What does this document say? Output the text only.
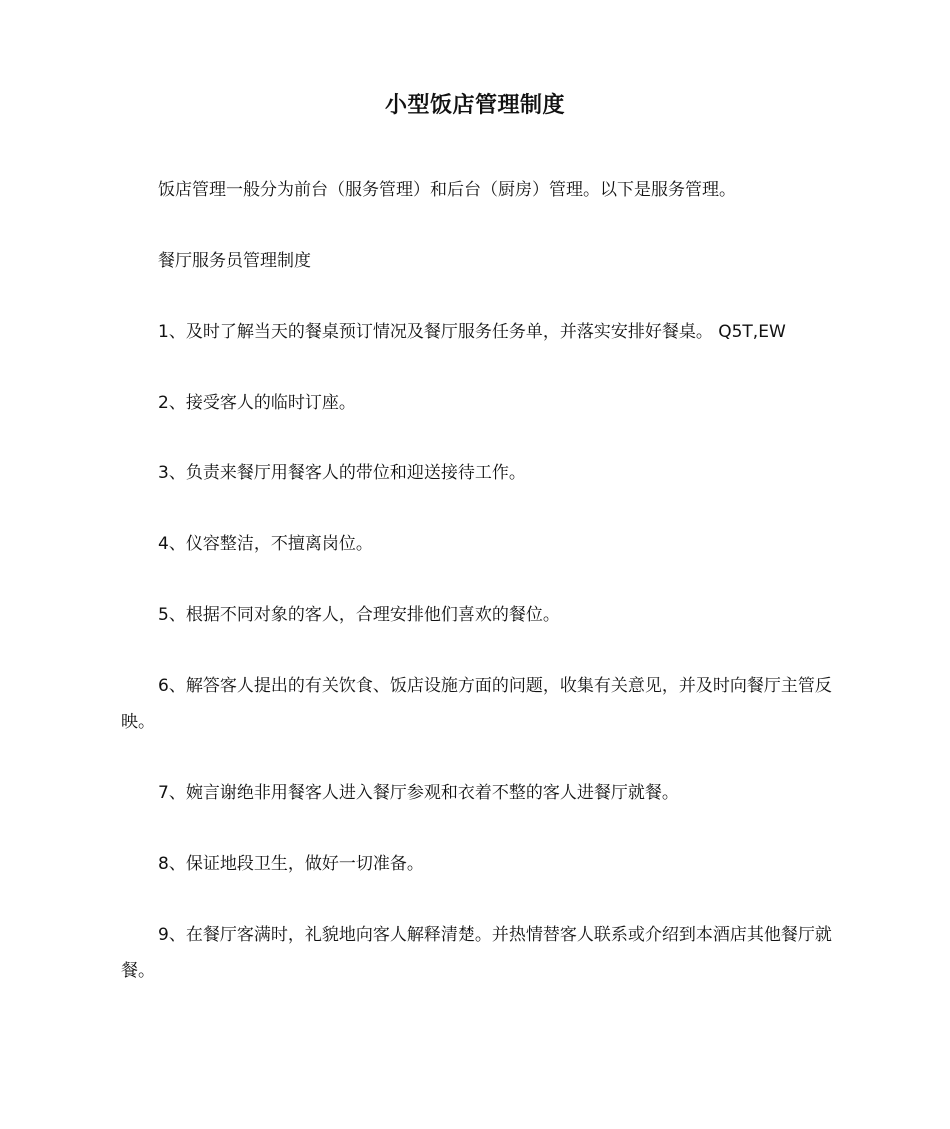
小型饭店管理制度

饭店管理一般分为前台（服务管理）和后台（厨房）管理。以下是服务管理。

餐厅服务员管理制度

1、及时了解当天的餐桌预订情况及餐厅服务任务单，并落实安排好餐桌。 Q5T,EW

2、接受客人的临时订座。

3、负责来餐厅用餐客人的带位和迎送接待工作。

4、仪容整洁，不擅离岗位。

5、根据不同对象的客人，合理安排他们喜欢的餐位。

6、解答客人提出的有关饮食、饭店设施方面的问题，收集有关意见，并及时向餐厅主管反映。

7、婉言谢绝非用餐客人进入餐厅参观和衣着不整的客人进餐厅就餐。

8、保证地段卫生，做好一切准备。

9、在餐厅客满时，礼貌地向客人解释清楚。并热情替客人联系或介绍到本酒店其他餐厅就餐。
